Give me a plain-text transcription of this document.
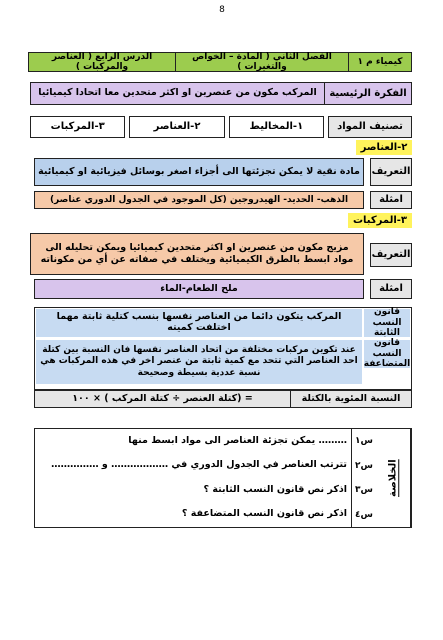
8
كيمياء م ١
الفصل الثاني ( المادة – الخواص والتغيرات )
الدرس الرابع ( العناصر والمركبات )
الفكرة الرئيسية
المركب مكون من عنصرين او اكثر متحدين معا اتحادا كيميائيا
تصنيف المواد
١-المخاليط
٢-العناصر
٣-المركبات
٢-العناصر
التعريف
مادة نقية لا يمكن تجزئتها الى أجزاء اصغر بوسائل فيزيائية او كيميائية
امثلة
الذهب- الحديد- الهيدروجين (كل الموجود في الجدول الدوري عناصر)
٣-المركبات
مزيج مكون من عنصرين او اكثر متحدين كيميائيا ويمكن تحليله الى مواد ابسط بالطرق الكيميائية ويختلف في صفاته عن أي من مكوناته	التعريف
ملح الطعام-الماء	امثلة
قانون النسب الثابتة
المركب يتكون دائما من العناصر نفسها بنسب كتلية ثابتة مهما اختلفت كميته
قانون النسب المتضاعفة
عند تكوين مركبات مختلفة من اتحاد العناصر نفسها فان النسبة بين كتلة احد العناصر التي تتحد مع كمية ثابتة من عنصر اخر في هذه المركبات هي نسبة عددية بسيطة وصحيحة
النسبة المئوية بالكتلة
= (كتلة العنصر ÷ كتلة المركب ) × ١٠٠
الخلاصة
س١
س٢
س٣
س٤
……… يمكن تجزئة العناصر الى مواد ابسط منها
تترتب العناصر في الجدول الدوري في ……………… و ……………
اذكر نص قانون النسب الثابتة ؟
اذكر نص قانون النسب المتضاعفة ؟
